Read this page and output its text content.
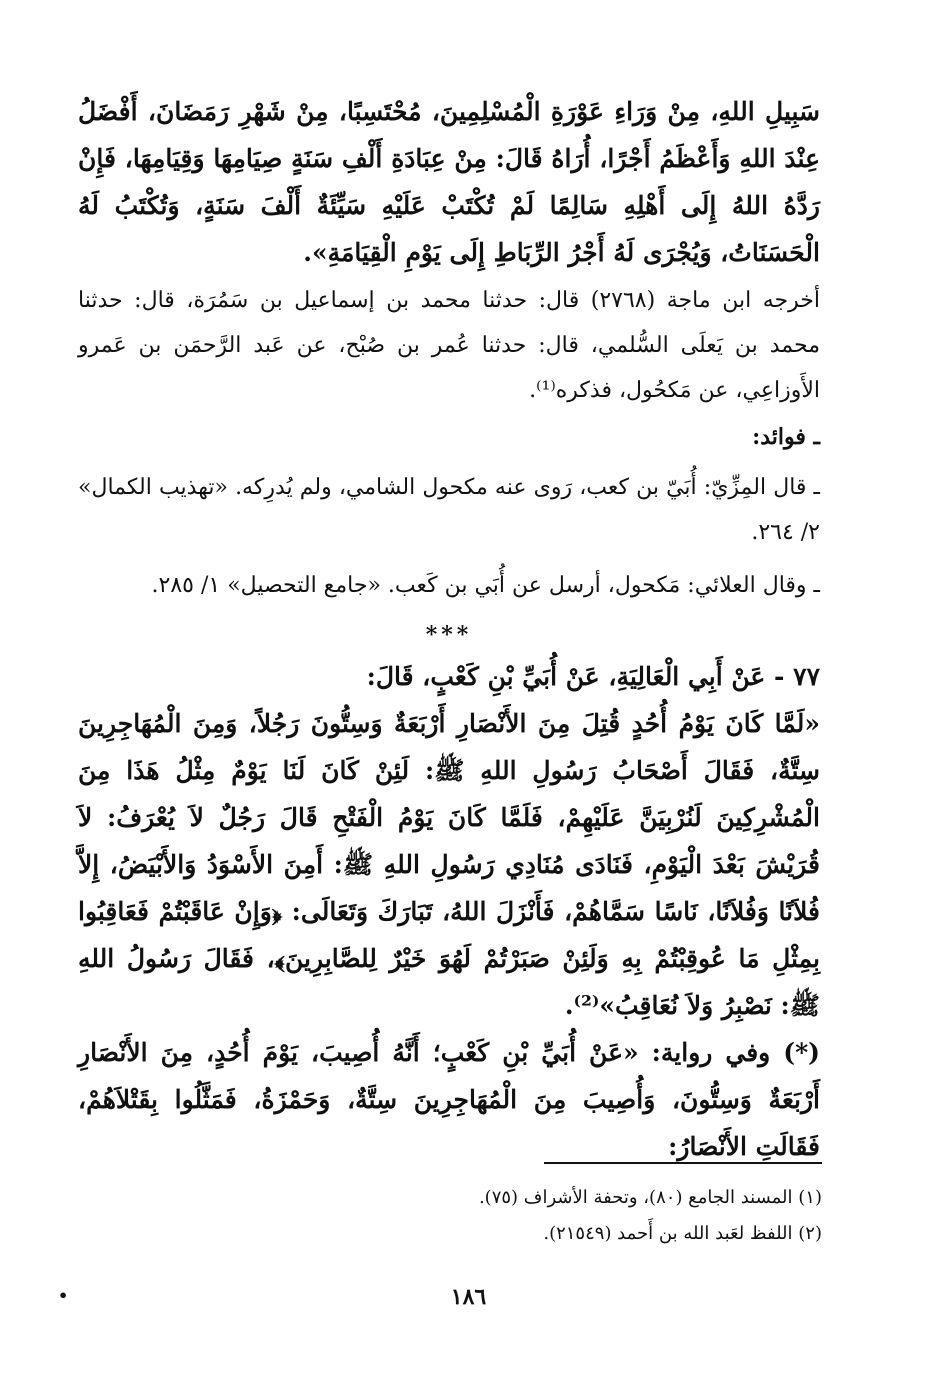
سَبِيلِ اللهِ، مِنْ وَرَاءِ عَوْرَةِ الْمُسْلِمِينَ، مُحْتَسِبًا، مِنْ شَهْرِ رَمَضَانَ، أَفْضَلُ عِنْدَ اللهِ وَأَعْظَمُ أَجْرًا، أُرَاهُ قَالَ: مِنْ عِبَادَةِ أَلْفِ سَنَةٍ صِيَامِهَا وَقِيَامِهَا، فَإِنْ رَدَّهُ اللهُ إِلَى أَهْلِهِ سَالِمًا لَمْ تُكْتَبْ عَلَيْهِ سَيِّئَةٌ أَلْفَ سَنَةٍ، وَتُكْتَبُ لَهُ الْحَسَنَاتُ، وَيُجْرَى لَهُ أَجْرُ الرِّبَاطِ إِلَى يَوْمِ الْقِيَامَةِ».

أخرجه ابن ماجة (٢٧٦٨) قال: حدثنا محمد بن إسماعيل بن سَمُرَة، قال: حدثنا محمد بن يَعلَى السُّلمي، قال: حدثنا عُمر بن صُبْح، عن عَبد الرَّحمَن بن عَمرو الأَوزاعِي، عن مَكحُول، فذكره⁽¹⁾.

ـ فوائد:

ـ قال المِزِّيّ: أُبَيّ بن كعب، رَوى عنه مكحول الشامي، ولم يُدرِكه. «تهذيب الكمال» ٢/ ٢٦٤.

ـ وقال العلائي: مَكحول، أرسل عن أُبَي بن كَعب. «جامع التحصيل» ١/ ٢٨٥.

***

٧٧ - عَنْ أَبِي الْعَالِيَةِ، عَنْ أُبَيِّ بْنِ كَعْبٍ، قَالَ:

«لَمَّا كَانَ يَوْمُ أُحُدٍ قُتِلَ مِنَ الأَنْصَارِ أَرْبَعَةٌ وَسِتُّونَ رَجُلاً، وَمِنَ الْمُهَاجِرِينَ سِتَّةٌ، فَقَالَ أَصْحَابُ رَسُولِ اللهِ ﷺ: لَئِنْ كَانَ لَنَا يَوْمٌ مِثْلُ هَذَا مِنَ الْمُشْرِكِينَ لَنُرْبِيَنَّ عَلَيْهِمْ، فَلَمَّا كَانَ يَوْمُ الْفَتْحِ قَالَ رَجُلٌ لاَ يُعْرَفُ: لاَ قُرَيْشَ بَعْدَ الْيَوْمِ، فَنَادَى مُنَادِي رَسُولِ اللهِ ﷺ: أَمِنَ الأَسْوَدُ وَالأَبْيَضُ، إِلاَّ فُلاَنًا وَفُلاَنًا، نَاسًا سَمَّاهُمْ، فَأَنْزَلَ اللهُ، تَبَارَكَ وَتَعَالَى: ﴿وَإِنْ عَاقَبْتُمْ فَعَاقِبُوا بِمِثْلِ مَا عُوقِبْتُمْ بِهِ وَلَئِنْ صَبَرْتُمْ لَهُوَ خَيْرٌ لِلصَّابِرِينَ﴾، فَقَالَ رَسُولُ اللهِ ﷺ: نَصْبِرُ وَلاَ نُعَاقِبُ»⁽²⁾.

(*) وفي رواية: «عَنْ أُبَيِّ بْنِ كَعْبٍ؛ أَنَّهُ أُصِيبَ، يَوْمَ أُحُدٍ، مِنَ الأَنْصَارِ أَرْبَعَةٌ وَسِتُّونَ، وَأُصِيبَ مِنَ الْمُهَاجِرِينَ سِتَّةٌ، وَحَمْزَةُ، فَمَثَّلُوا بِقَتْلاَهُمْ، فَقَالَتِ الأَنْصَارُ:

(١) المسند الجامع (٨٠)، وتحفة الأشراف (٧٥).

(٢) اللفظ لعَبد الله بن أَحمد (٢١٥٤٩).

١٨٦
•
